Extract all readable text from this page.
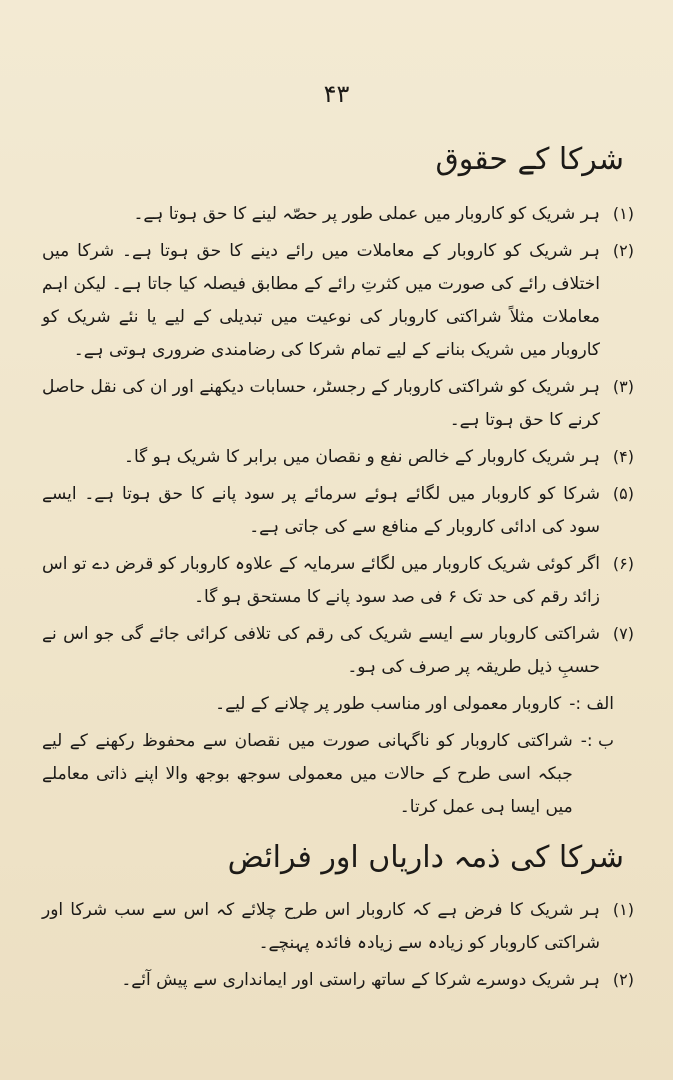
۴۳
شرکا کے حقوق
(۱)
ہر شریک کو کاروبار میں عملی طور پر حصّہ لینے کا حق ہوتا ہے۔
(۲)
ہر شریک کو کاروبار کے معاملات میں رائے دینے کا حق ہوتا ہے۔ شرکا میں اختلاف رائے کی صورت میں کثرتِ رائے کے مطابق فیصلہ کیا جاتا ہے۔ لیکن اہم معاملات مثلاً شراکتی کاروبار کی نوعیت میں تبدیلی کے لیے یا نئے شریک کو کاروبار میں شریک بنانے کے لیے تمام شرکا کی رضامندی ضروری ہوتی ہے۔
(۳)
ہر شریک کو شراکتی کاروبار کے رجسٹر، حسابات دیکھنے اور ان کی نقل حاصل کرنے کا حق ہوتا ہے۔
(۴)
ہر شریک کاروبار کے خالص نفع و نقصان میں برابر کا شریک ہو گا۔
(۵)
شرکا کو کاروبار میں لگائے ہوئے سرمائے پر سود پانے کا حق ہوتا ہے۔ ایسے سود کی ادائی کاروبار کے منافع سے کی جاتی ہے۔
(۶)
اگر کوئی شریک کاروبار میں لگائے سرمایہ کے علاوہ کاروبار کو قرض دے تو اس زائد رقم کی حد تک ۶ فی صد سود پانے کا مستحق ہو گا۔
(۷)
شراکتی کاروبار سے ایسے شریک کی رقم کی تلافی کرائی جائے گی جو اس نے حسبِ ذیل طریقہ پر صرف کی ہو۔
الف :-
کاروبار معمولی اور مناسب طور پر چلانے کے لیے۔
ب :-
شراکتی کاروبار کو ناگہانی صورت میں نقصان سے محفوظ رکھنے کے لیے جبکہ اسی طرح کے حالات میں معمولی سوجھ بوجھ والا اپنے ذاتی معاملے میں ایسا ہی عمل کرتا۔
شرکا کی ذمہ داریاں اور فرائض
(۱)
ہر شریک کا فرض ہے کہ کاروبار اس طرح چلائے کہ اس سے سب شرکا اور شراکتی کاروبار کو زیادہ سے زیادہ فائدہ پہنچے۔
(۲)
ہر شریک دوسرے شرکا کے ساتھ راستی اور ایمانداری سے پیش آئے۔
